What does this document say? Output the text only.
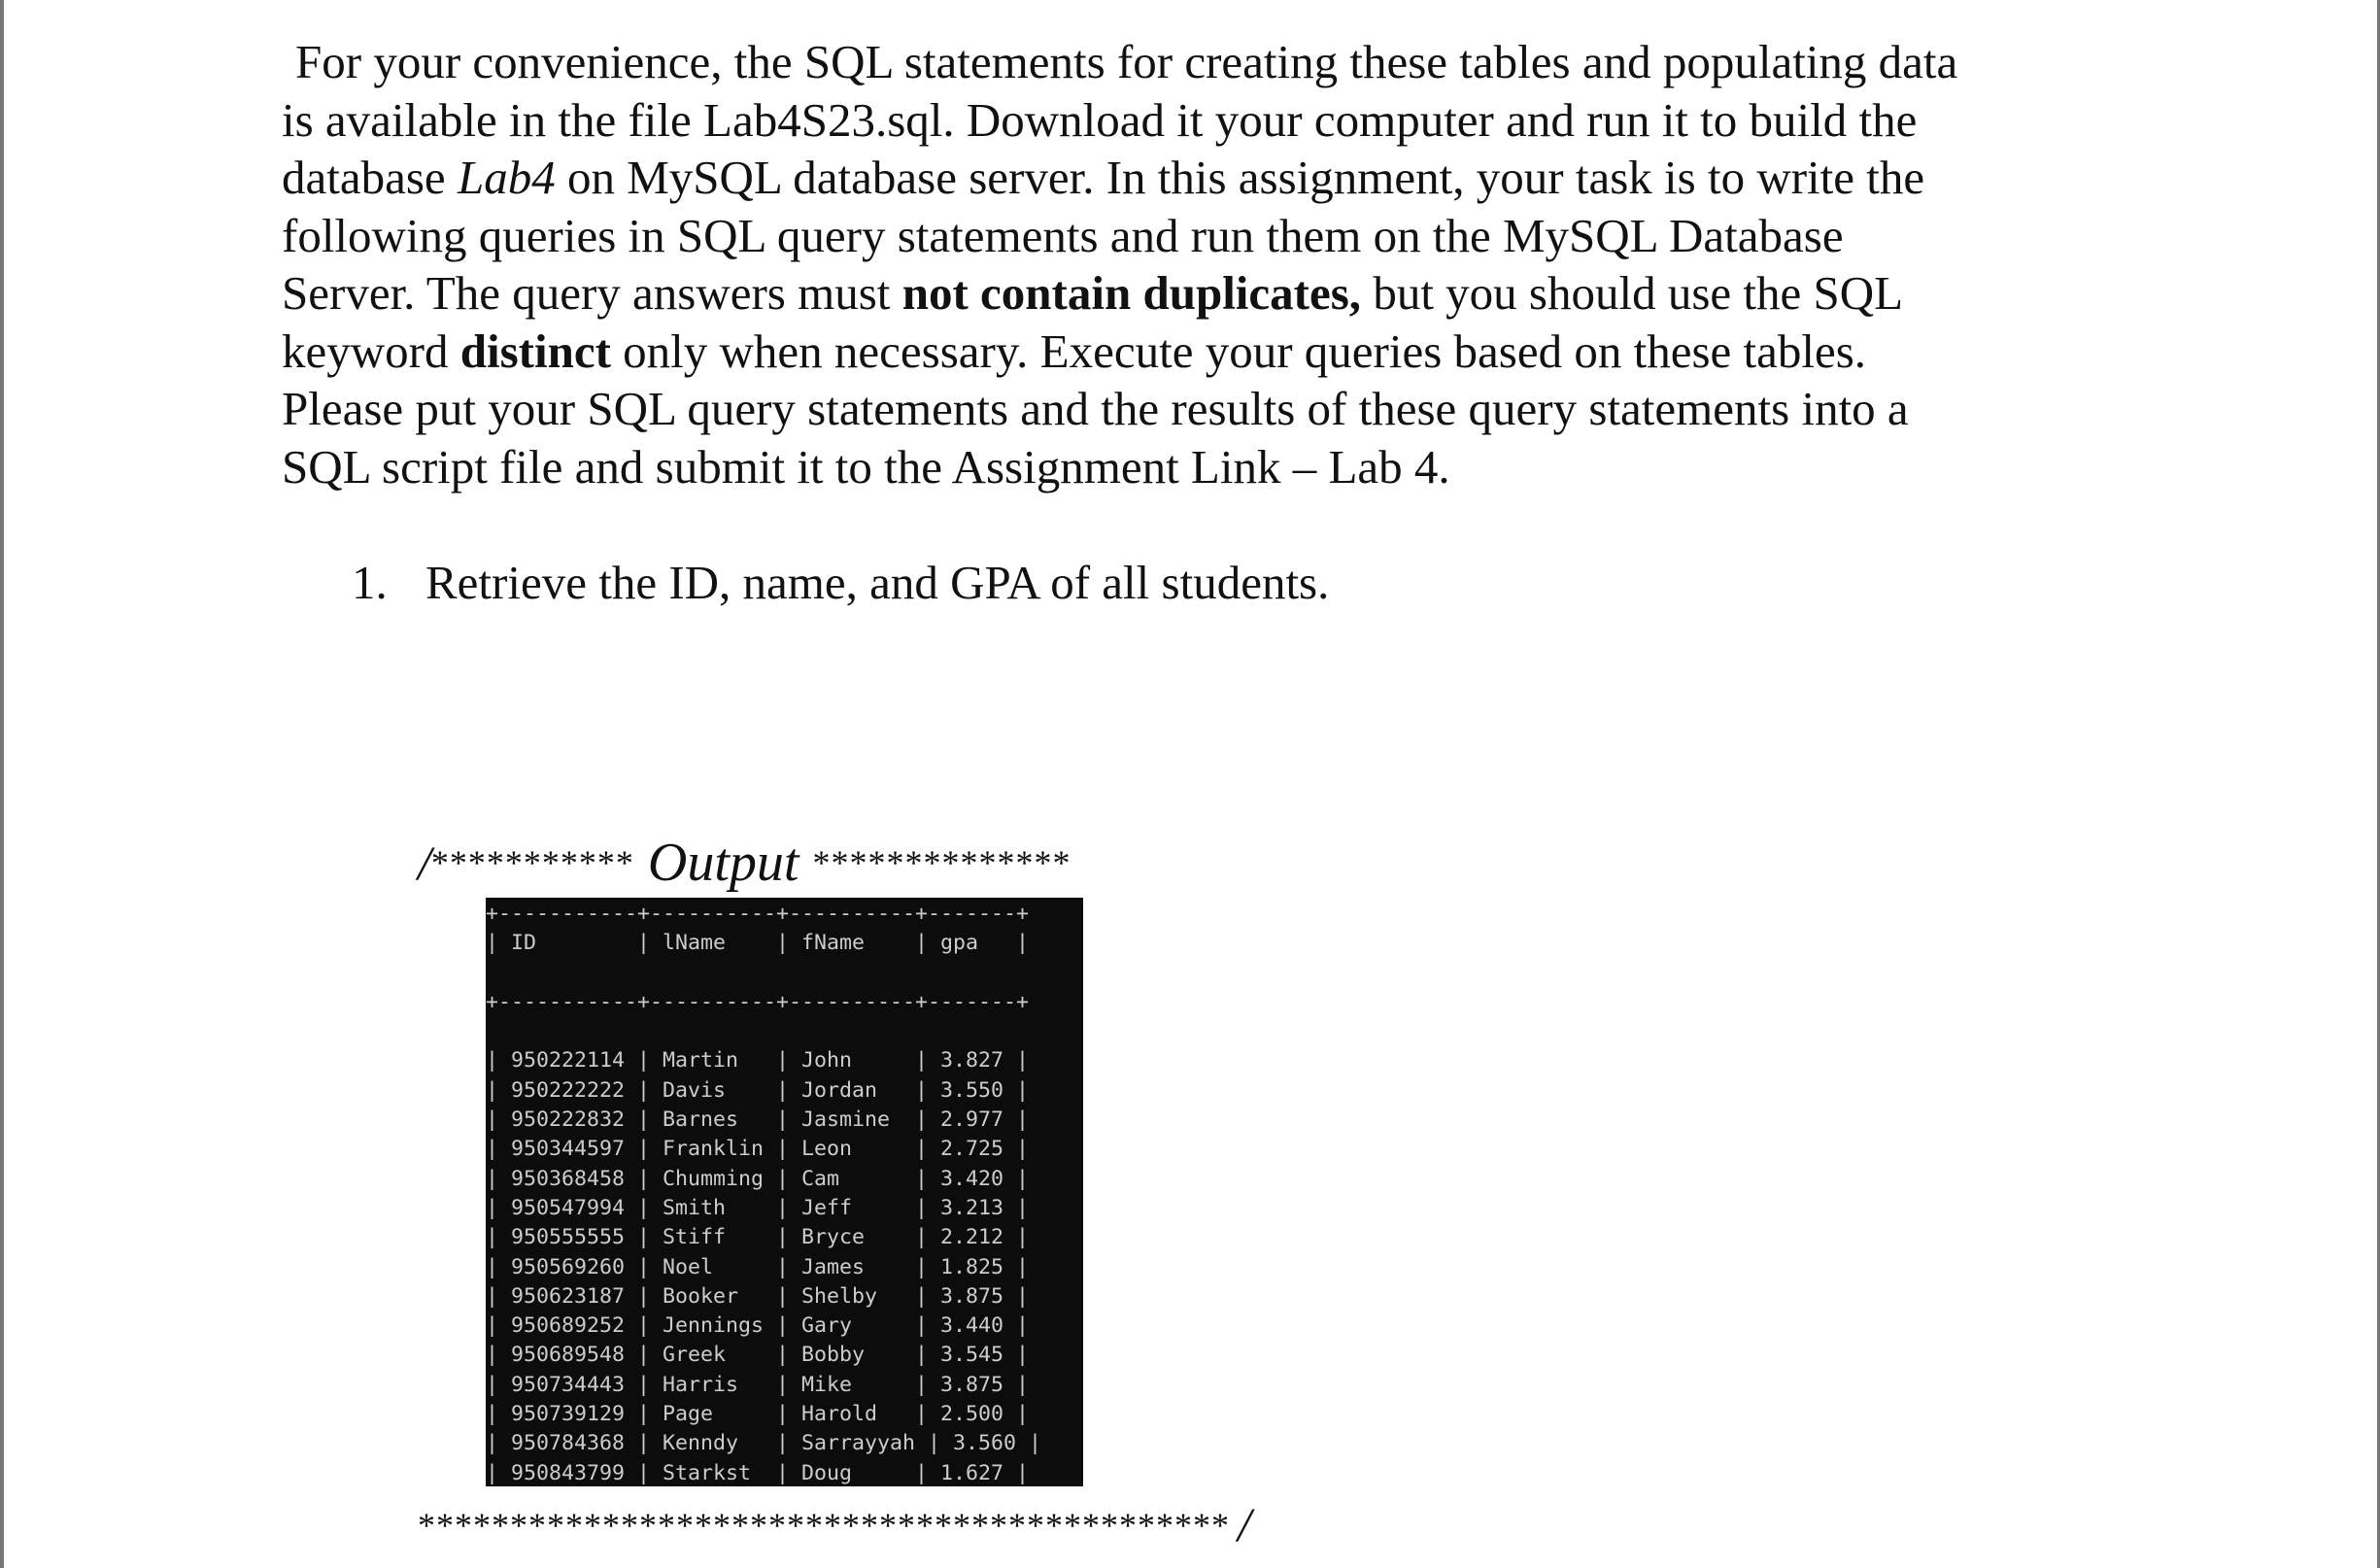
For your convenience, the SQL statements for creating these tables and populating data
is available in the file Lab4S23.sql. Download it your computer and run it to build the
database Lab4 on MySQL database server. In this assignment, your task is to write the
following queries in SQL query statements and run them on the MySQL Database
Server. The query answers must not contain duplicates, but you should use the SQL
keyword distinct only when necessary. Execute your queries based on these tables.
Please put your SQL query statements and the results of these query statements into a
SQL script file and submit it to the Assignment Link – Lab 4.
1. Retrieve the ID, name, and GPA of all students.
/*********** Output **************
+-----------+----------+----------+-------+
| ID        | lName    | fName    | gpa   |
+-----------+----------+----------+-------+
| 950222114 | Martin   | John     | 3.827 |
| 950222222 | Davis    | Jordan   | 3.550 |
| 950222832 | Barnes   | Jasmine  | 2.977 |
| 950344597 | Franklin | Leon     | 2.725 |
| 950368458 | Chumming | Cam      | 3.420 |
| 950547994 | Smith    | Jeff     | 3.213 |
| 950555555 | Stiff    | Bryce    | 2.212 |
| 950569260 | Noel     | James    | 1.825 |
| 950623187 | Booker   | Shelby   | 3.875 |
| 950689252 | Jennings | Gary     | 3.440 |
| 950689548 | Greek    | Bobby    | 3.545 |
| 950734443 | Harris   | Mike     | 3.875 |
| 950739129 | Page     | Harold   | 2.500 |
| 950784368 | Kenndy   | Sarrayyah | 3.560 |
| 950843799 | Starkst  | Doug     | 1.627 |
******************************************** /
